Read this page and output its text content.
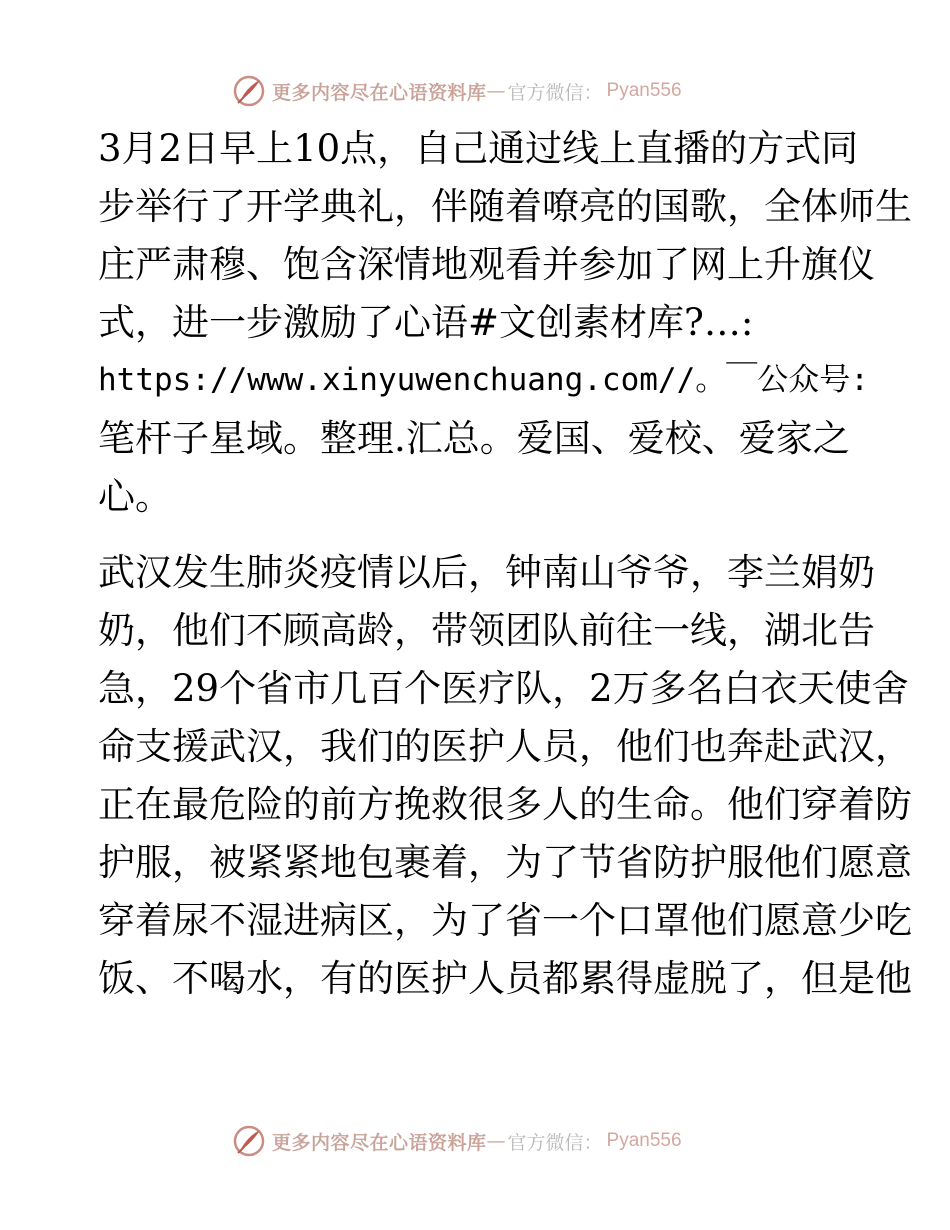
更多内容尽在心语资料库 — 官方微信： Pyan556
3月2日早上10点，自己通过线上直播的方式同
步举行了开学典礼，伴随着嘹亮的国歌，全体师生
庄严肃穆、饱含深情地观看并参加了网上升旗仪
式，进一步激励了心语#文创素材库?…:
https://www.xinyuwenchuang.com//。￣公众号:
笔杆子星域。整理.汇总。爱国、爱校、爱家之
心。
武汉发生肺炎疫情以后，钟南山爷爷，李兰娟奶
奶，他们不顾高龄，带领团队前往一线，湖北告
急，29个省市几百个医疗队，2万多名白衣天使舍
命支援武汉，我们的医护人员，他们也奔赴武汉，
正在最危险的前方挽救很多人的生命。他们穿着防
护服，被紧紧地包裹着，为了节省防护服他们愿意
穿着尿不湿进病区，为了省一个口罩他们愿意少吃
饭、不喝水，有的医护人员都累得虚脱了，但是他
更多内容尽在心语资料库 — 官方微信： Pyan556
